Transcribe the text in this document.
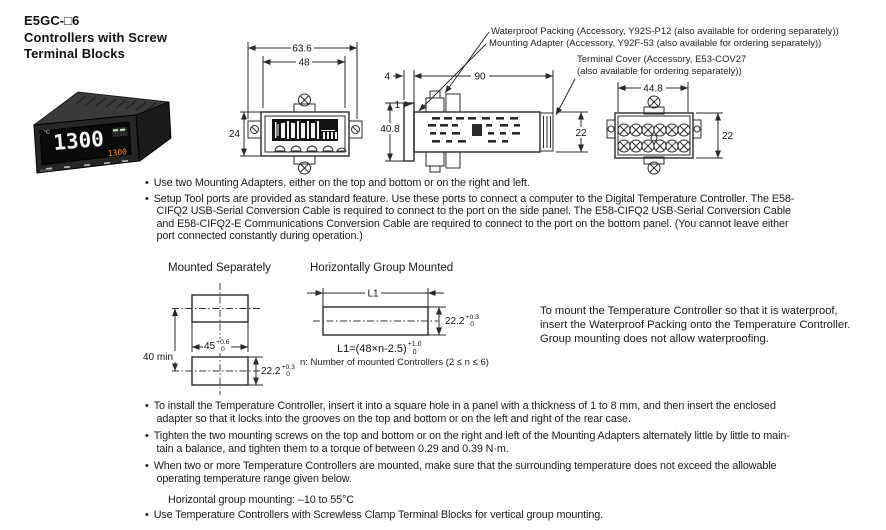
E5GC-□6
Controllers with Screw
Terminal Blocks
°C 1300 1300
omron
Waterproof Packing (Accessory, Y92S-P12 (also available for ordering separately))
Mounting Adapter (Accessory, Y92F-53 (also available for ordering separately))
Terminal Cover (Accessory, E53-COV27
(also available for ordering separately))
63.6
48
24
4	90
1
40.8	22
44.8
22
• Use two Mounting Adapters, either on the top and bottom or on the right and left.
• Setup Tool ports are provided as standard feature. Use these ports to connect a computer to the Digital Temperature Controller. The E58-
CIFQ2 USB-Serial Conversion Cable is required to connect to the port on the side panel. The E58-CIFQ2 USB-Serial Conversion Cable
and E58-CIFQ2-E Communications Conversion Cable are required to connect to the port on the bottom panel. (You cannot leave either
port connected constantly during operation.)
Mounted Separately	Horizontally Group Mounted
40 min
L1
45 +0.6
0
22.2 +0.3
0
22.2 +0.3
0
L1=(48×n-2.5) +1.0
0
n: Number of mounted Controllers (2 ≤ n ≤ 6)
To mount the Temperature Controller so that it is waterproof,
insert the Waterproof Packing onto the Temperature Controller.
Group mounting does not allow waterproofing.
• To install the Temperature Controller, insert it into a square hole in a panel with a thickness of 1 to 8 mm, and then insert the enclosed
adapter so that it locks into the grooves on the top and bottom or on the left and right of the rear case.
• Tighten the two mounting screws on the top and bottom or on the right and left of the Mounting Adapters alternately little by little to main-
tain a balance, and tighten them to a torque of between 0.29 and 0.39 N·m.
• When two or more Temperature Controllers are mounted, make sure that the surrounding temperature does not exceed the allowable
operating temperature range given below.
Horizontal group mounting: –10 to 55°C
• Use Temperature Controllers with Screwless Clamp Terminal Blocks for vertical group mounting.
